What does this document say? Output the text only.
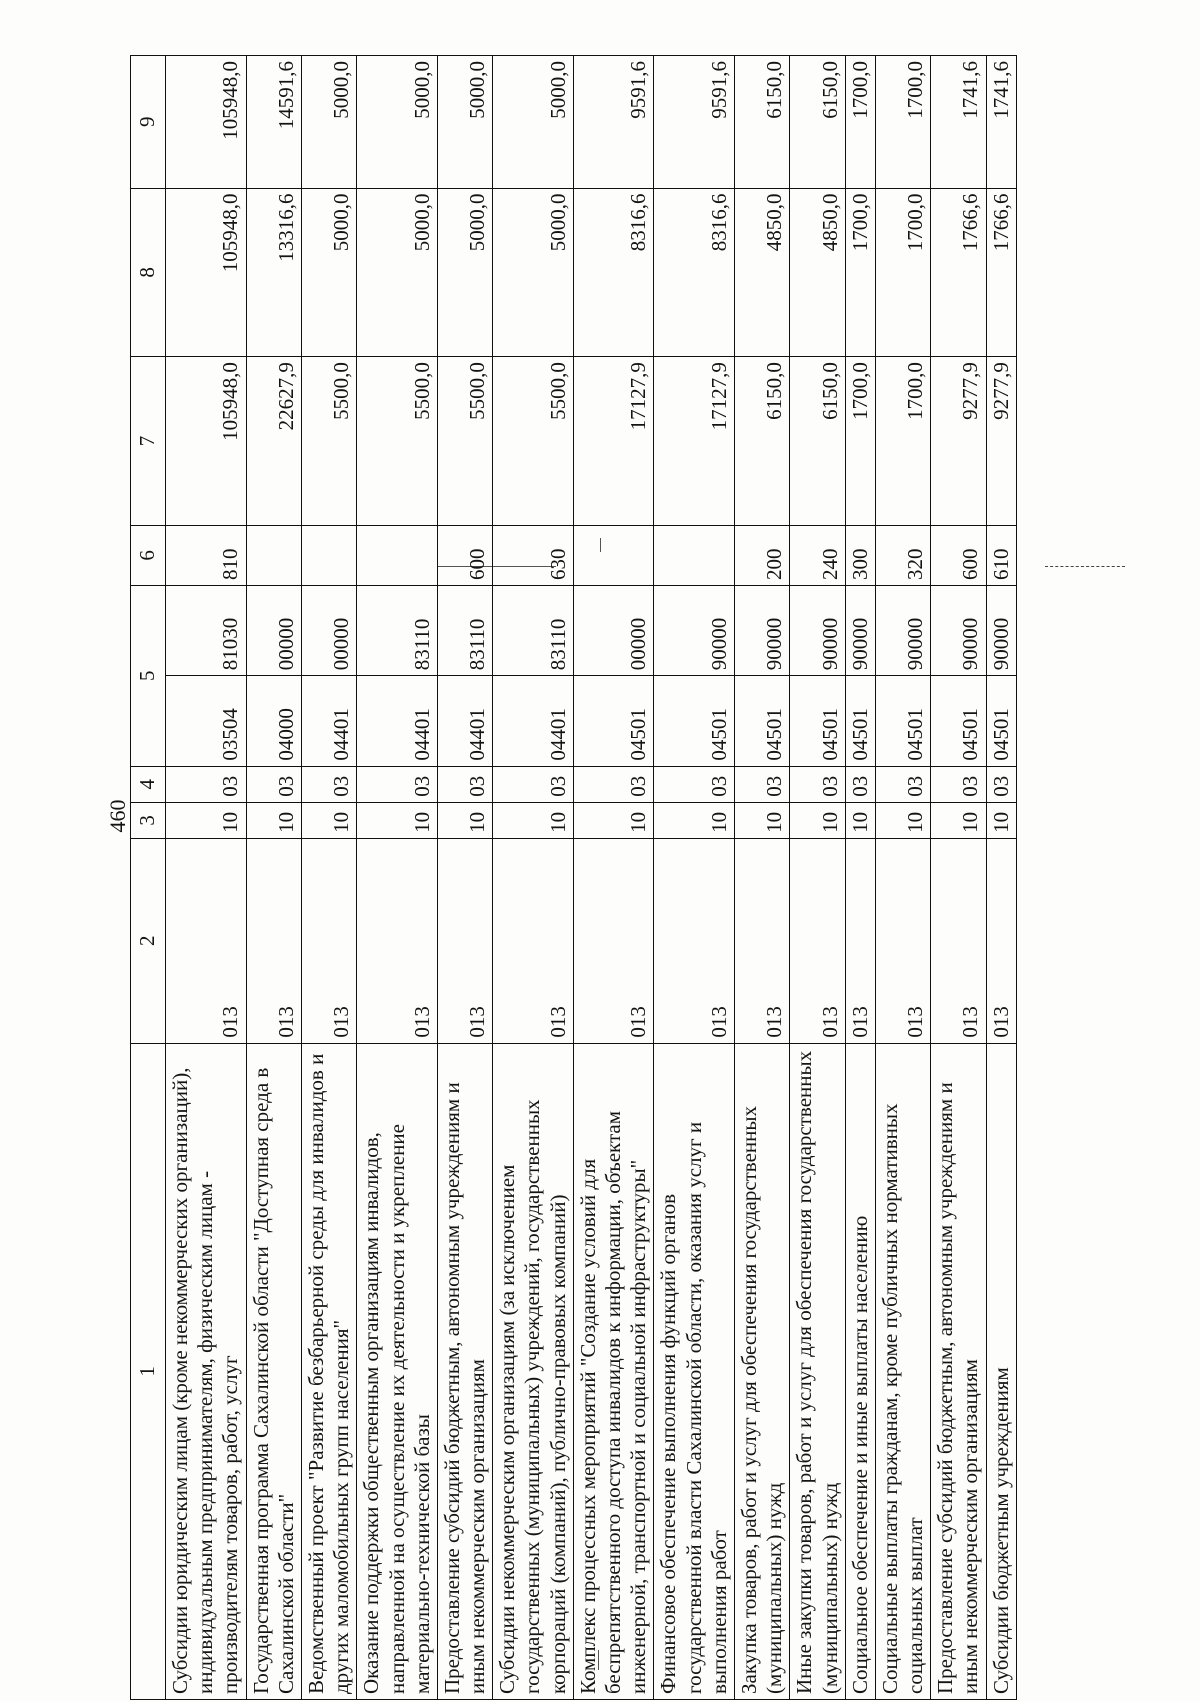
460
1	2	3	4	5		6	7	8	9
Субсидии юридическим лицам (кроме некоммерческих организаций), индивидуальным предпринимателям, физическим лицам - производителям товаров, работ, услуг	013	10	03	03504	81030	810	105948,0	105948,0	105948,0
Государственная программа Сахалинской области "Доступная среда в Сахалинской области"	013	10	03	04000	00000		22627,9	13316,6	14591,6
Ведомственный проект "Развитие безбарьерной среды для инвалидов и других маломобильных групп населения"	013	10	03	04401	00000		5500,0	5000,0	5000,0
Оказание поддержки общественным организациям инвалидов, направленной на осуществление их деятельности и укрепление материально-технической базы	013	10	03	04401	83110		5500,0	5000,0	5000,0
Предоставление субсидий бюджетным, автономным учреждениям и иным некоммерческим организациям	013	10	03	04401	83110	600	5500,0	5000,0	5000,0
Субсидии некоммерческим организациям (за исключением государственных (муниципальных) учреждений, государственных корпораций (компаний), публично-правовых компаний)	013	10	03	04401	83110	630	5500,0	5000,0	5000,0
Комплекс процессных мероприятий "Создание условий для беспрепятственного доступа инвалидов к информации, объектам инженерной, транспортной и социальной инфраструктуры"	013	10	03	04501	00000		17127,9	8316,6	9591,6
Финансовое обеспечение выполнения функций органов государственной власти Сахалинской области, оказания услуг и выполнения работ	013	10	03	04501	90000		17127,9	8316,6	9591,6
Закупка товаров, работ и услуг для обеспечения государственных (муниципальных) нужд	013	10	03	04501	90000	200	6150,0	4850,0	6150,0
Иные закупки товаров, работ и услуг для обеспечения государственных (муниципальных) нужд	013	10	03	04501	90000	240	6150,0	4850,0	6150,0
Социальное обеспечение и иные выплаты населению	013	10	03	04501	90000	300	1700,0	1700,0	1700,0
Социальные выплаты гражданам, кроме публичных нормативных социальных выплат	013	10	03	04501	90000	320	1700,0	1700,0	1700,0
Предоставление субсидий бюджетным, автономным учреждениям и иным некоммерческим организациям	013	10	03	04501	90000	600	9277,9	1766,6	1741,6
Субсидии бюджетным учреждениям	013	10	03	04501	90000	610	9277,9	1766,6	1741,6
